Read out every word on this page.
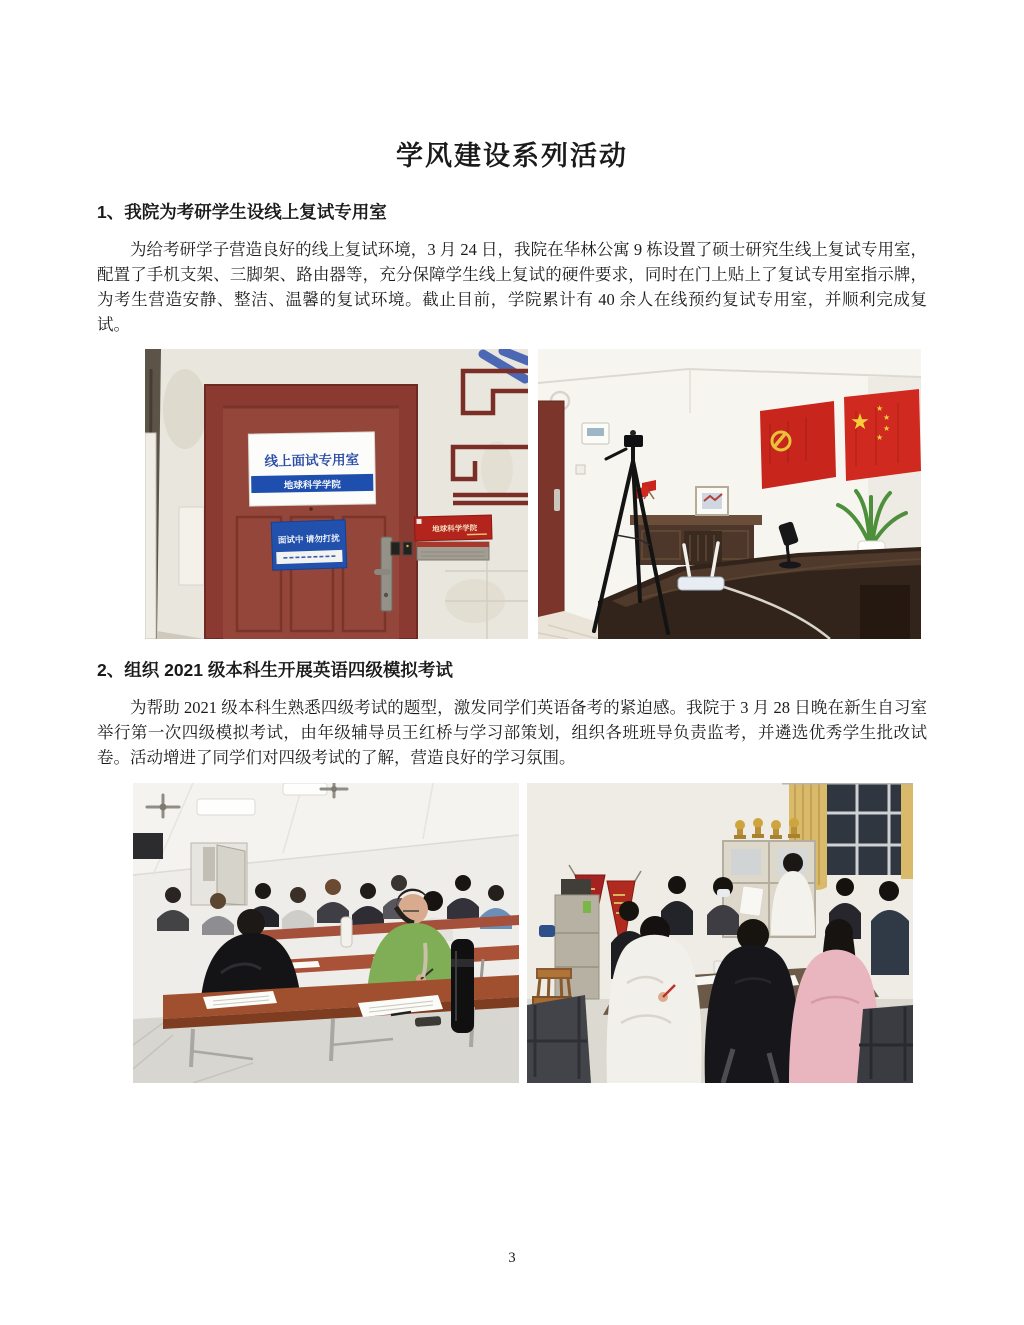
学风建设系列活动
1、我院为考研学生设线上复试专用室

为给考研学子营造良好的线上复试环境，3 月 24 日，我院在华林公寓 9 栋设置了硕士研究生线上复试专用室，配置了手机支架、三脚架、路由器等，充分保障学生线上复试的硬件要求，同时在门上贴上了复试专用室指示牌，为考生营造安静、整洁、温馨的复试环境。截止目前，学院累计有 40 余人在线预约复试专用室，并顺利完成复试。

线上面试专用室
地球科学学院
面试中 请勿打扰
地球科学学院
★
★
★
★
★
2、组织 2021 级本科生开展英语四级模拟考试

为帮助 2021 级本科生熟悉四级考试的题型，激发同学们英语备考的紧迫感。我院于 3 月 28 日晚在新生自习室举行第一次四级模拟考试，由年级辅导员王红桥与学习部策划，组织各班班导负责监考，并遴选优秀学生批改试卷。活动增进了同学们对四级考试的了解，营造良好的学习氛围。

3
